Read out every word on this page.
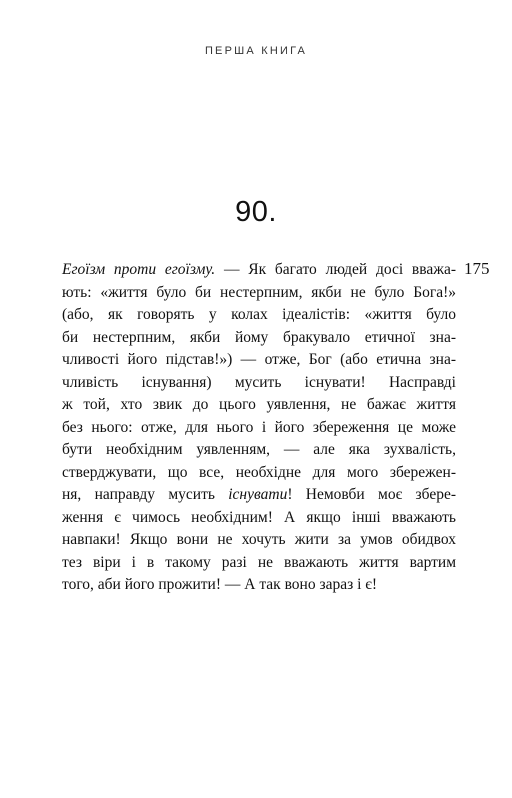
ПЕРША КНИГА
90.
175
Егоїзм проти егоїзму. — Як багато людей досі вважа-
ють: «життя було би нестерпним, якби не було Бога!»
(або, як говорять у колах ідеалістів: «життя було
би нестерпним, якби йому бракувало етичної зна-
чливості його підстав!») — отже, Бог (або етична зна-
чливість існування) мусить існувати! Насправді
ж той, хто звик до цього уявлення, не бажає життя
без нього: отже, для нього і його збереження це може
бути необхідним уявленням, — але яка зухвалість,
стверджувати, що все, необхідне для мого збережен-
ня, направду мусить існувати! Немовби моє збере-
ження є чимось необхідним! А якщо інші вважають
навпаки! Якщо вони не хочуть жити за умов обидвох
тез віри і в такому разі не вважають життя вартим
того, аби його прожити! — А так воно зараз і є!
